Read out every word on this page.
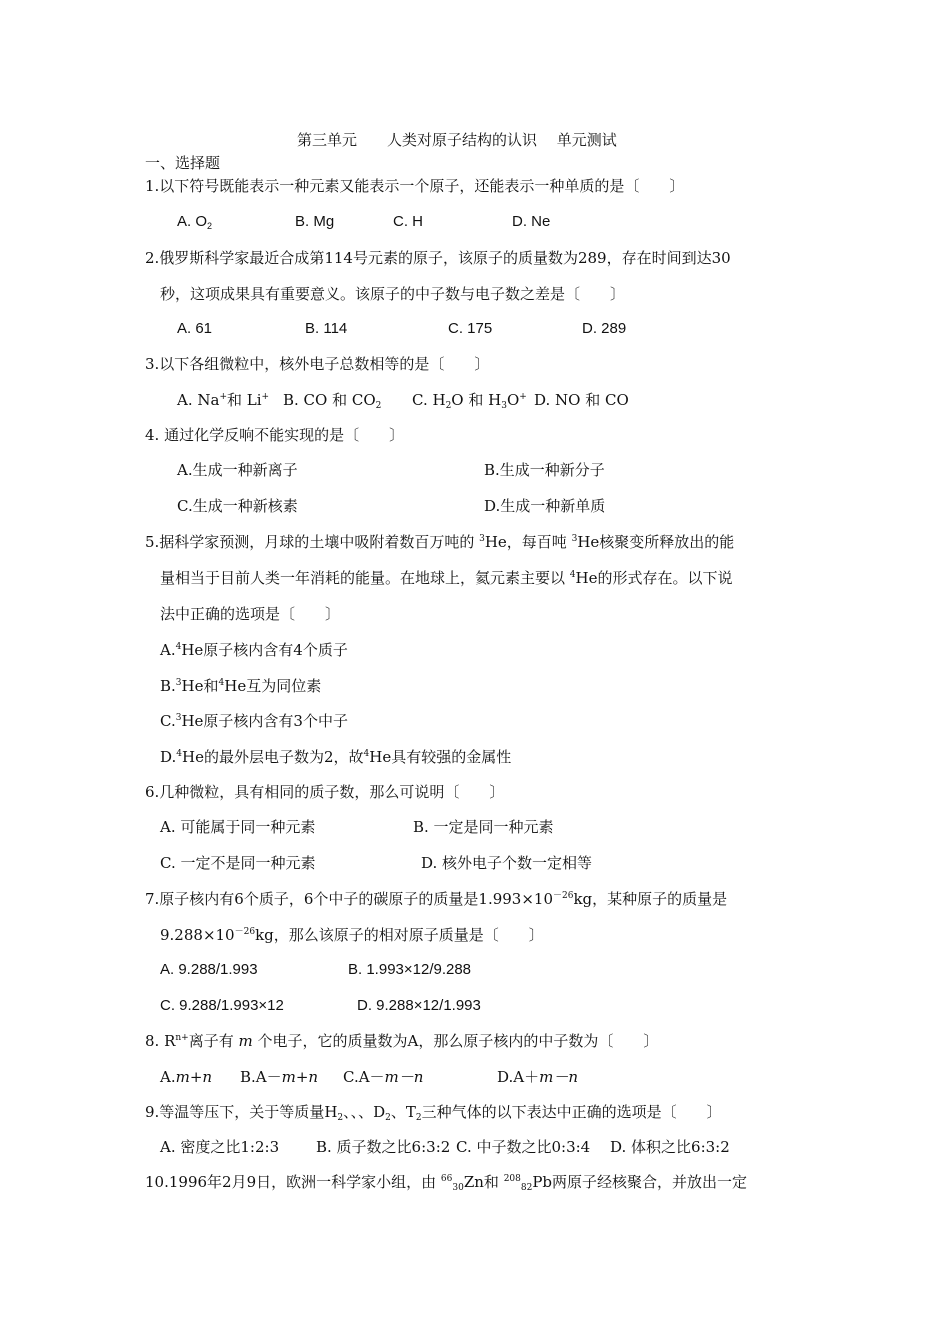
第三单元　　人类对原子结构的认识　 单元测试
一、选择题
1.以下符号既能表示一种元素又能表示一个原子，还能表示一种单质的是〔　　〕
A. $O_2$	B. Mg	C. H	D. Ne
2.俄罗斯科学家最近合成第114号元素的原子，该原子的质量数为289，存在时间到达30
秒，这项成果具有重要意义。该原子的中子数与电子数之差是〔　　〕
A. 61	B. 114	C. 175	D. 289
3.以下各组微粒中，核外电子总数相等的是〔　　〕
A. Na+和 Li+ B. CO 和 $CO_2$ C. $H_2O$ 和 $H_3O^+$ D. NO 和 CO
4. 通过化学反响不能实现的是〔　　〕
A.生成一种新离子	B.生成一种新分子
C.生成一种新核素	D.生成一种新单质
5.据科学家预测，月球的土壤中吸附着数百万吨的 $^3$He，每百吨 $^3$He核聚变所释放出的能
量相当于目前人类一年消耗的能量。在地球上，氦元素主要以 $^4$He的形式存在。以下说
法中正确的选项是〔　　〕
A.$^4$He原子核内含有4个质子
B.$^3$He和$^4$He互为同位素
C.$^3$He原子核内含有3个中子
D.$^4$He的最外层电子数为2，故$^4$He具有较强的金属性
6.几种微粒，具有相同的质子数，那么可说明〔　　〕
A. 可能属于同一种元素	B. 一定是同一种元素
C. 一定不是同一种元素	D. 核外电子个数一定相等
7.原子核内有6个质子，6个中子的碳原子的质量是$1.993\times 10^{-26}kg$，某种原子的质量是
$9.288\times 10^{-26}kg$，那么该原子的相对原子质量是〔　　〕
A. 9.288/1.993	B. 1.993×12/9.288
C. 9.288/1.993×12	D. 9.288×12/1.993
8. $R^{n+}$离子有 m 个电子，它的质量数为A，那么原子核内的中子数为〔　　〕
A.m+n B.A－m+n C.A－m－n	D.A＋m－n
9.等温等压下，关于等质量$H_2$、、、$D_2$、$T_2$三种气体的以下表达中正确的选项是〔　　〕
A. 密度之比1:2:3 B. 质子数之比6:3:2 C. 中子数之比0:3:4 D. 体积之比6:3:2
10.1996年2月9日，欧洲一科学家小组，由 $^{66}_{30}$Zn和 $^{208}_{82}$Pb两原子经核聚合，并放出一定
